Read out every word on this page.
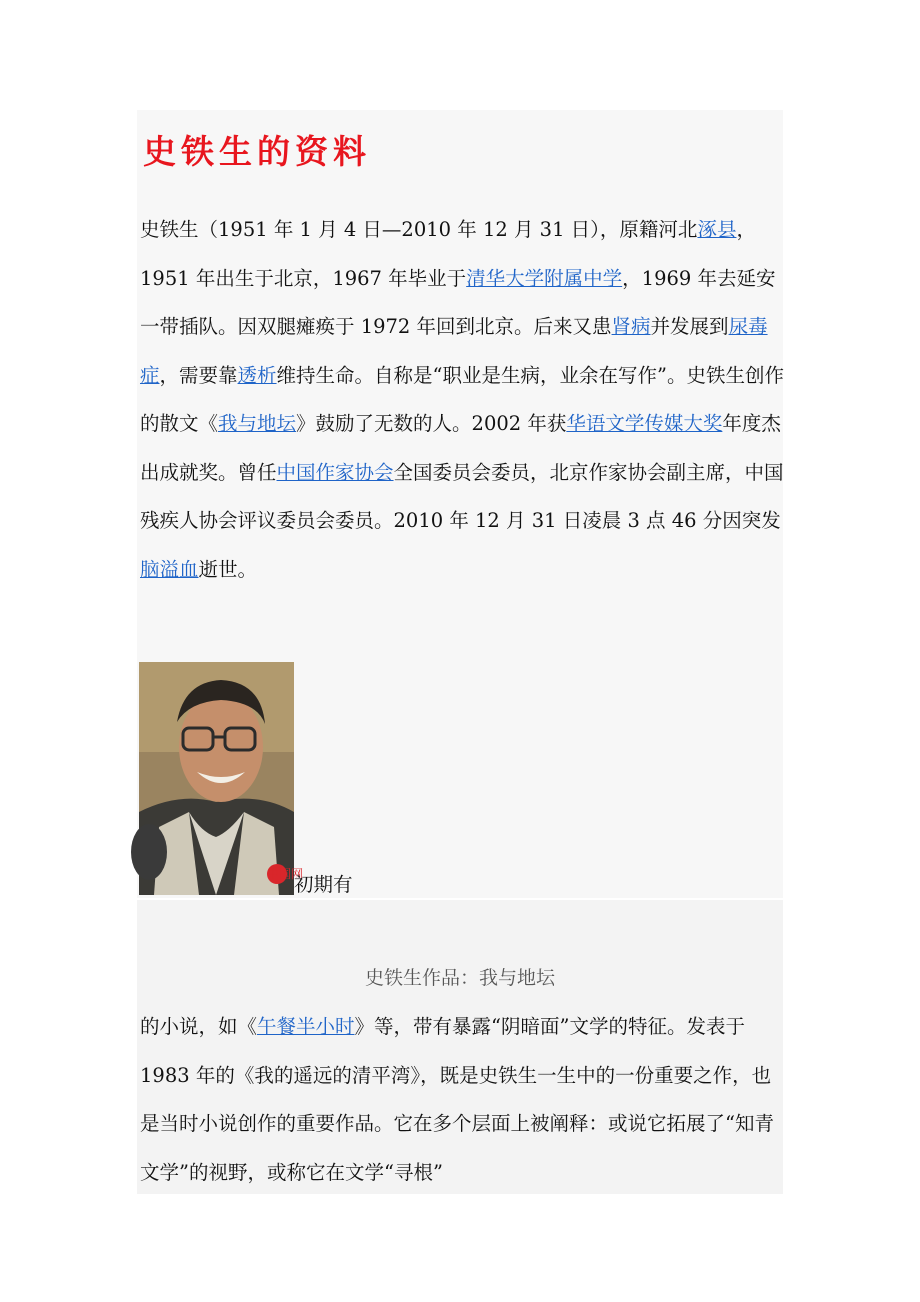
史铁生的资料

史铁生（1951 年 1 月 4 日—2010 年 12 月 31 日），原籍河北涿县，1951 年出生于北京，1967 年毕业于清华大学附属中学，1969 年去延安一带插队。因双腿瘫痪于 1972 年回到北京。后来又患肾病并发展到尿毒症，需要靠透析维持生命。自称是“职业是生病，业余在写作”。史铁生创作的散文《我与地坛》鼓励了无数的人。2002 年获华语文学传媒大奖年度杰出成就奖。曾任中国作家协会全国委员会委员，北京作家协会副主席，中国残疾人协会评议委员会委员。2010 年 12 月 31 日凌晨 3 点 46 分因突发脑溢血逝世。

中国网
初期有
史铁生作品：我与地坛

的小说，如《午餐半小时》等，带有暴露“阴暗面”文学的特征。发表于 1983 年的《我的遥远的清平湾》，既是史铁生一生中的一份重要之作，也是当时小说创作的重要作品。它在多个层面上被阐释：或说它拓展了“知青文学”的视野，或称它在文学“寻根”
